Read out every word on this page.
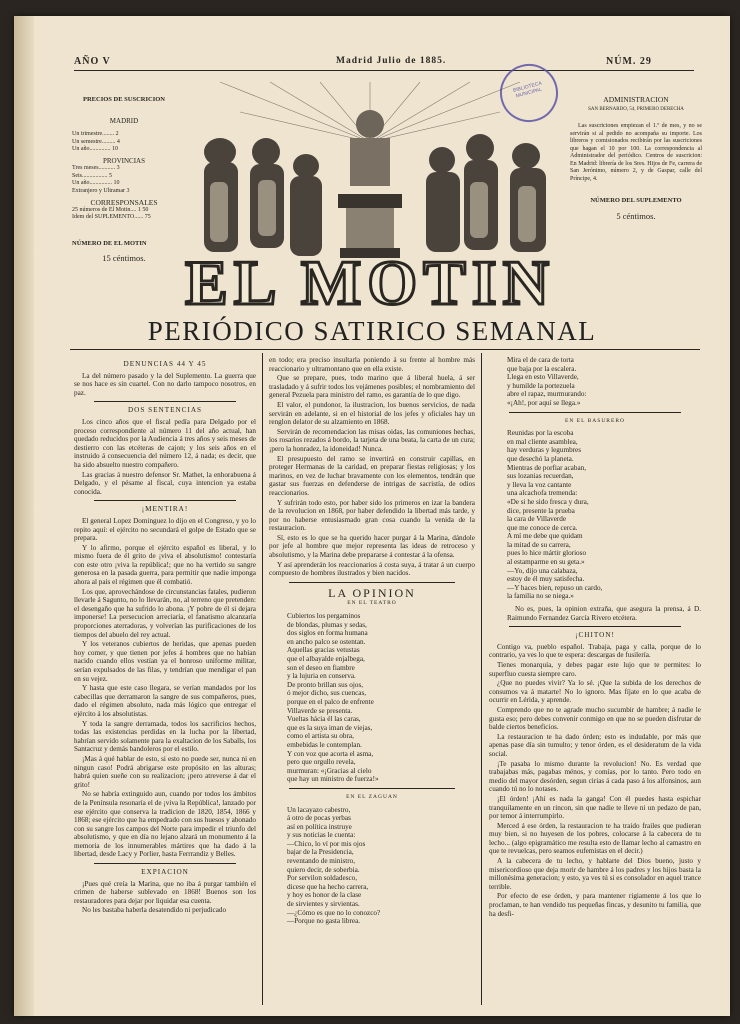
AÑO V	Madrid Julio de 1885.	NÚM. 29
BIBLIOTECA MUNICIPAL
PRECIOS DE SUSCRICION
MADRID
Un trimestre........ 2
Un semestre......... 4
Un año.............. 10
PROVINCIAS
Tres meses........... 3
Seis................. 5
Un año............... 10
Extranjero y Ultramar 3
CORRESPONSALES
25 números de El Motin.... 1 50
Idem del SUPLEMENTO...... 75
NÚMERO DE EL MOTIN
15 céntimos. EL MOTIN
ADMINISTRACION
SAN BERNARDO, 54, PRIMERO DERECHA
Las suscriciones empiezan el 1.º de mes, y no se servirán si al pedido no acompaña su importe. Los libreros y comisionados recibirán por las suscriciones que hagan el 10 por 100. La correspondencia al Administrador del periódico. Centros de suscricion: En Madrid: librería de los Sres. Hijos de Fe, carrera de San Jerónimo, número 2, y de Gaspar, calle del Príncipe, 4.
NÚMERO DEL SUPLEMENTO
5 céntimos.
PERIÓDICO SATIRICO SEMANAL
DENUNCIAS 44 Y 45

La del número pasado y la del Suplemento. La guerra que se nos hace es sin cuartel. Con no darlo tampoco nosotros, en paz.

DOS SENTENCIAS

Los cinco años que el fiscal pedía para Delgado por el proceso correspondiente al número 11 del año actual, han quedado reducidos por la Audiencia á tres años y seis meses de destierro con las etcéteras de cajon; y los seis años en el instruido á consecuencia del número 12, á nada; es decir, que ha sido absuelto nuestro compañero.

Las gracias á nuestro defensor Sr. Mathet, la enhorabuena á Delgado, y el pésame al fiscal, cuya intencion ya estaba conocida.

¡MENTIRA!

El general Lopez Dominguez lo dijo en el Congreso, y yo lo repito aquí: el ejército no secundará el golpe de Estado que se prepara.

Y lo afirmo, porque el ejército español es liberal, y lo mismo fuera de él grito de ¡viva el absolutismo! contestaría con este otro ¡viva la república!; que no ha vertido su sangre generosa en la pasada guerra, para permitir que nadie imponga ahora al país el régimen que él combatió.

Los que, aprovechándose de circunstancias fatales, pudieron llevarle á Sagunto, no lo llevarán, no, al terreno que pretenden: el desengaño que ha sufrido lo abona. ¡Y pobre de él si dejara imponerse! La persecucion arreciaría, el fanatismo alcanzaría proporciones aterradoras, y volverían las purificaciones de los tiempos del abuelo del rey actual.

Y los veteranos cubiertos de heridas, que apenas pueden hoy comer, y que tienen por jefes á hombres que no habían nacido cuando ellos vestían ya el honroso uniforme militar, serían expulsados de las filas, y tendrían que mendigar el pan en su vejez.

Y hasta que este caso llegara, se verían mandados por los cabecillas que derramaron la sangre de sus compañeros, pues, dado el régimen absoluto, nada más lógico que entregar el ejército á los absolutistas.

Y toda la sangre derramada, todos los sacrificios hechos, todas las existencias perdidas en la lucha por la libertad, habrían servido solamente para la exaltacion de los Saballs, los Santacruz y demás bandoleros por el estilo.

¡Mas á qué hablar de esto, si esto no puede ser, nunca ni en ningun caso! Podrá abrigarse este propósito en las alturas; habrá quien sueñe con su realizacion; ¡pero atreverse á dar el grito!

No se habría extinguido aun, cuando por todos los ámbitos de la Península resonaría el de ¡viva la República!, lanzado por ese ejército que conserva la tradicion de 1820, 1854, 1866 y 1868; ese ejército que ha empedrado con sus huesos y abonado con su sangre los campos del Norte para impedir el triunfo del absolutismo, y que en día no lejano alzará un monumento á la memoria de los innumerables mártires que ha dado á la libertad, desde Lacy y Porlier, hasta Ferrrandiz y Belles.

EXPIACION

¡Pues qué creía la Marina, que no iba á purgar también el crimen de haberse sublevado en 1868! Buenos son los restauradores para dejar por liquidar esa cuenta.

No les bastaba haberla desatendido ni perjudicado

en todo; era preciso insultarla poniendo á su frente al hombre más reaccionario y ultramontano que en ella existe.

Que se prepare, pues, todo marino que á liberal huela, á ser trasladado y á sufrir todos los vejámenes posibles; el nombramiento del general Pezuela para ministro del ramo, es garantía de lo que digo.

El valor, el pundonor, la ilustracion, los buenos servicios, de nada servirán en adelante, si en el historial de los jefes y oficiales hay un renglon delator de su alzamiento en 1868.

Servirán de recomendacion las misas oidas, las comuniones hechas, los rosarios rezados á bordo, la tarjeta de una beata, la carta de un cura; ¡pero la honradez, la idoneidad! Nunca.

El presupuesto del ramo se invertirá en construir capillas, en proteger Hermanas de la caridad, en preparar fiestas religiosas; y los marinos, en vez de luchar bravamente con los elementos, tendrán que gastar sus fuerzas en defenderse de intrigas de sacristía, de odios reaccionarios.

Y sufrirán todo esto, por haber sido los primeros en izar la bandera de la revolucion en 1868, por haber defendido la libertad más tarde, y por no haberse entusiasmado gran cosa cuando la venida de la restauracion.

Sí, esto es lo que se ha querido hacer purgar á la Marina, dándole por jefe al hombre que mejor representa las ideas de retroceso y absolutismo, y la Marina debe prepararse á contestar á la ofensa.

Y así aprenderán los reaccionarios á costa suya, á tratar á un cuerpo compuesto de hombres ilustrados y bien nacidos.

LA OPINION
EN EL TEATRO
Cubiertos los pergaminos
de blondas, plumas y sedas,
dos siglos en forma humana
en ancho palco se ostentan.
Aquellas gracias vetustas
que el albayalde enjalbega,
son el deseo en fiambre
y la lujuria en conserva.
De pronto brillan sus ojos,
ó mejor dicho, sus cuencas,
porque en el palco de enfrente
Villaverde se presenta.
Vueltas hácia él las caras,
que es la suya iman de viejas,
como el artista su obra,
embebidas le contemplan.
Y con voz que acorta el asma,
pero que orgullo revela,
murmuran: «¡Gracias al cielo
que hay un ministro de fuerza!»
EN EL ZAGUAN
Un lacayazo cabestro,
á otro de pocas yerbas
así en política instruye
y sus noticias le cuenta:
—Chico, lo ví por mis ojos
bajar de la Presidencia,
reventando de ministro,
quiero decir, de soberbia.
Por servilon soldadesco,
dicese que ha hecho carrera,
y hoy es honor de la clase
de sirvientes y sirvientas.
—¿Cómo es que no lo conozco?
—Porque no gasta librea.
Mira el de cara de torta
que baja por la escalera.
Llega en esto Villaverde,
y humilde la portezuela
abre el rapaz, murmurando:
«¡Ah!, por aquí se llega.»
EN EL BASURERO
Reunidas por la escoba
en mal cliente asamblea,
hay verduras y legumbres
que desechó la planeta.
Mientras de porfiar acaban,
sus lozanias recuerdan,
y lleva la voz cantante
una alcachofa tremenda:
«De si he sido fresca y dura,
dice, presente la prueba
la cara de Villaverde
que me conoce de cerca.
A mí me debe que quidam
la mitad de su carrera,
pues lo hice mártir glorioso
al estamparme en su geta.»
—Yo, dijo una calabaza,
estoy de él muy satisfecha.
—Y haces bien, repuso un cardo,
la familia no se niega.»

No es, pues, la opinion extraña, que asegura la prensa, á D. Raimundo Fernandez García Rivero etcétera.

¡CHITON!

Contigo va, pueblo español. Trabaja, paga y calla, porque de lo contrario, ya ves lo que te espera: descargas de fusilería.

Tienes monarquía, y debes pagar este lujo que te permites: lo superfluo cuesta siempre caro.

¿Que no puedes vivir? Ya lo sé. ¡Que la subida de los derechos de consumos va á matarte! No lo ignoro. Mas fíjate en lo que acaba de ocurrir en Lérida, y aprende.

Comprendo que no te agrade mucho sucumbir de hambre; á nadie le gusta eso; pero debes convenir conmigo en que no se pueden disfrutar de balde ciertos beneficios.

La restauracion te ha dado órden; esto es indudable, por más que apenas pase día sin tumulto; y tenor órden, es el desideratum de la vida social.

¡Te pasaba lo mismo durante la revolucion! No. Es verdad que trabajabas más, pagabas ménos, y comías, por lo tanto. Pero todo en medio del mayor desórden, segun cirias á cada paso á los alfonsinos, aun cuando tú no lo notases.

¡El órden! ¡Ahí es nada la ganga! Con él puedes hasta espichar tranquilamente en un rincon, sin que nadie te lleve ni un pedazo de pan, por temor á interrumpirlo.

Merced á ese órden, la restauracion te ha traido frailes que pudieran muy bien, si no huyesen de los pobres, colocarse á la cabecera de tu lecho... (algo epigramático me resulta esto de llamar lecho al camastro en que te revuelcas, pero seamos eufemistas en el decir.)

A la cabecera de tu lecho, y hablarte del Dios bueno, justo y misericordioso que deja morir de hambre á los padres y los hijos basta la millonésima generacion; y esto, ya ves tú si es consolador en aquel trance terrible.

Por efecto de ese órden, y para mantener rigiamente á los que lo proclaman, te han vendido tus pequeñas fincas, y desunito tu familia, que ha desfi-
